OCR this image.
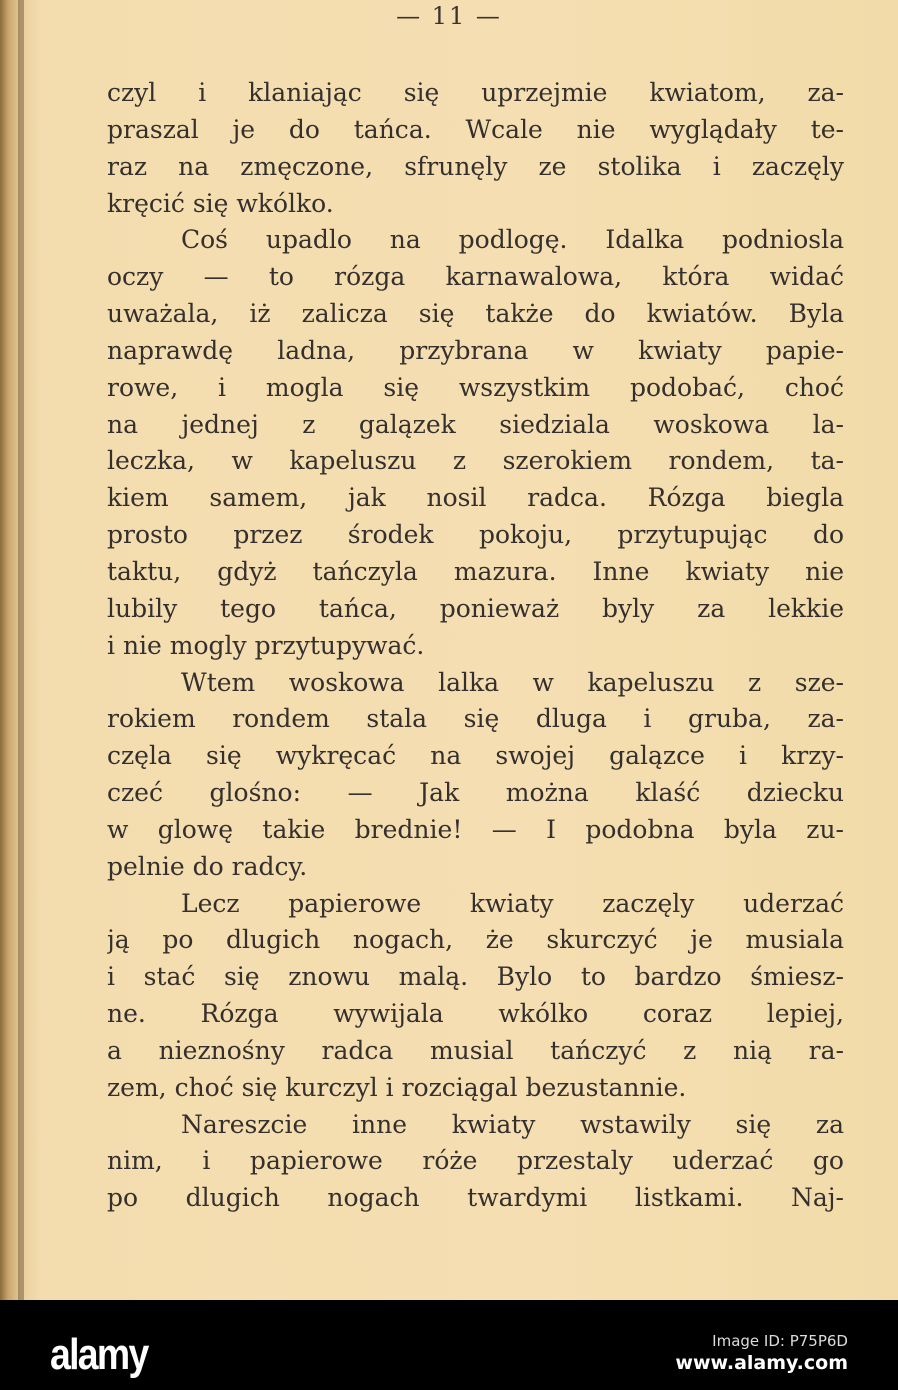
— 11 —
czyl i klaniając się uprzejmie kwiatom, za-
praszal je do tańca. Wcale nie wyglądały te-
raz na zmęczone, sfrunęly ze stolika i zaczęly
kręcić się wkólko.
Coś upadlo na podlogę. Idalka podniosla
oczy — to rózga karnawalowa, która widać
uważala, iż zalicza się także do kwiatów. Byla
naprawdę ladna, przybrana w kwiaty papie-
rowe, i mogla się wszystkim podobać, choć
na jednej z galązek siedziala woskowa la-
leczka, w kapeluszu z szerokiem rondem, ta-
kiem samem, jak nosil radca. Rózga biegla
prosto przez środek pokoju, przytupując do
taktu, gdyż tańczyla mazura. Inne kwiaty nie
lubily tego tańca, ponieważ byly za lekkie
i nie mogly przytupywać.
Wtem woskowa lalka w kapeluszu z sze-
rokiem rondem stala się dluga i gruba, za-
częla się wykręcać na swojej galązce i krzy-
czeć glośno: — Jak można klaść dziecku
w glowę takie brednie! — I podobna byla zu-
pelnie do radcy.
Lecz papierowe kwiaty zaczęly uderzać
ją po dlugich nogach, że skurczyć je musiala
i stać się znowu malą. Bylo to bardzo śmiesz-
ne. Rózga wywijala wkólko coraz lepiej,
a nieznośny radca musial tańczyć z nią ra-
zem, choć się kurczyl i rozciągal bezustannie.
Nareszcie inne kwiaty wstawily się za
nim, i papierowe róże przestaly uderzać go
po dlugich nogach twardymi listkami. Naj-
alamy	Image ID: P75P6D
www.alamy.com
